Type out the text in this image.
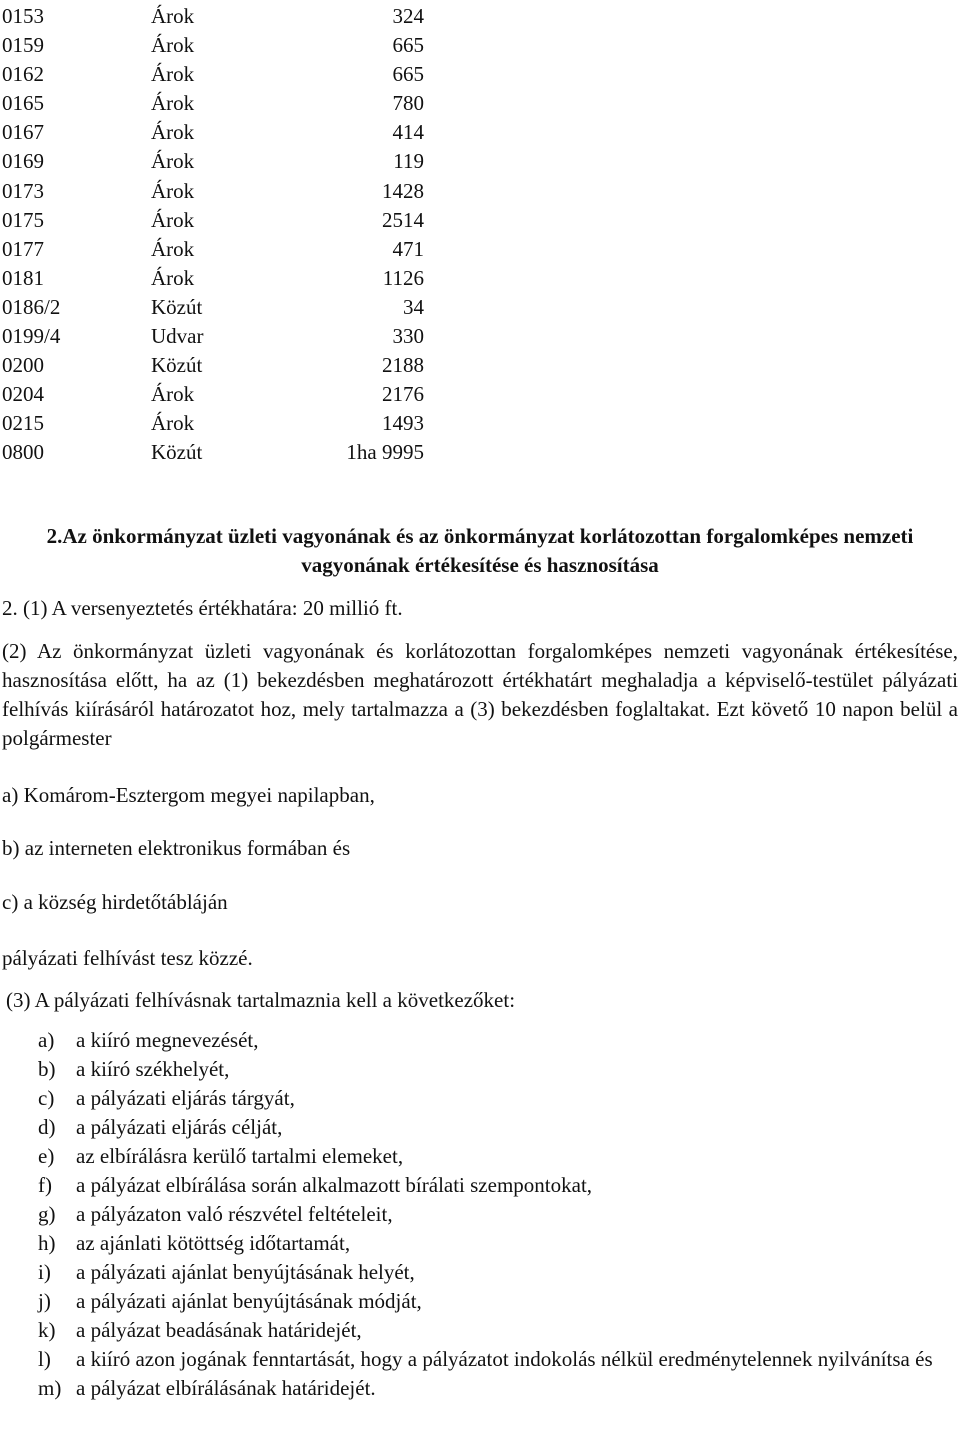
0153	Árok	324
0159	Árok	665
0162	Árok	665
0165	Árok	780
0167	Árok	414
0169	Árok	119
0173	Árok	1428
0175	Árok	2514
0177	Árok	471
0181	Árok	1126
0186/2	Közút	34
0199/4	Udvar	330
0200	Közút	2188
0204	Árok	2176
0215	Árok	1493
0800	Közút	1ha 9995
2.Az önkormányzat üzleti vagyonának és az önkormányzat korlátozottan forgalomképes nemzeti vagyonának értékesítése és hasznosítása

2. (1) A versenyeztetés értékhatára: 20 millió ft.

(2) Az önkormányzat üzleti vagyonának és korlátozottan forgalomképes nemzeti vagyonának értékesítése, hasznosítása előtt, ha az (1) bekezdésben meghatározott értékhatárt meghaladja a képviselő-testület pályázati felhívás kiírásáról határozatot hoz, mely tartalmazza a (3) bekezdésben foglaltakat. Ezt követő 10 napon belül a polgármester

a) Komárom-Esztergom megyei napilapban,

b) az interneten elektronikus formában és

c) a község hirdetőtábláján

pályázati felhívást tesz közzé.

(3) A pályázati felhívásnak tartalmaznia kell a következőket:

a) a kiíró megnevezését,
b) a kiíró székhelyét,
c) a pályázati eljárás tárgyát,
d) a pályázati eljárás célját,
e) az elbírálásra kerülő tartalmi elemeket,
f) a pályázat elbírálása során alkalmazott bírálati szempontokat,
g) a pályázaton való részvétel feltételeit,
h) az ajánlati kötöttség időtartamát,
i) a pályázati ajánlat benyújtásának helyét,
j) a pályázati ajánlat benyújtásának módját,
k) a pályázat beadásának határidejét,
l) a kiíró azon jogának fenntartását, hogy a pályázatot indokolás nélkül eredménytelennek nyilvánítsa és
m) a pályázat elbírálásának határidejét.
